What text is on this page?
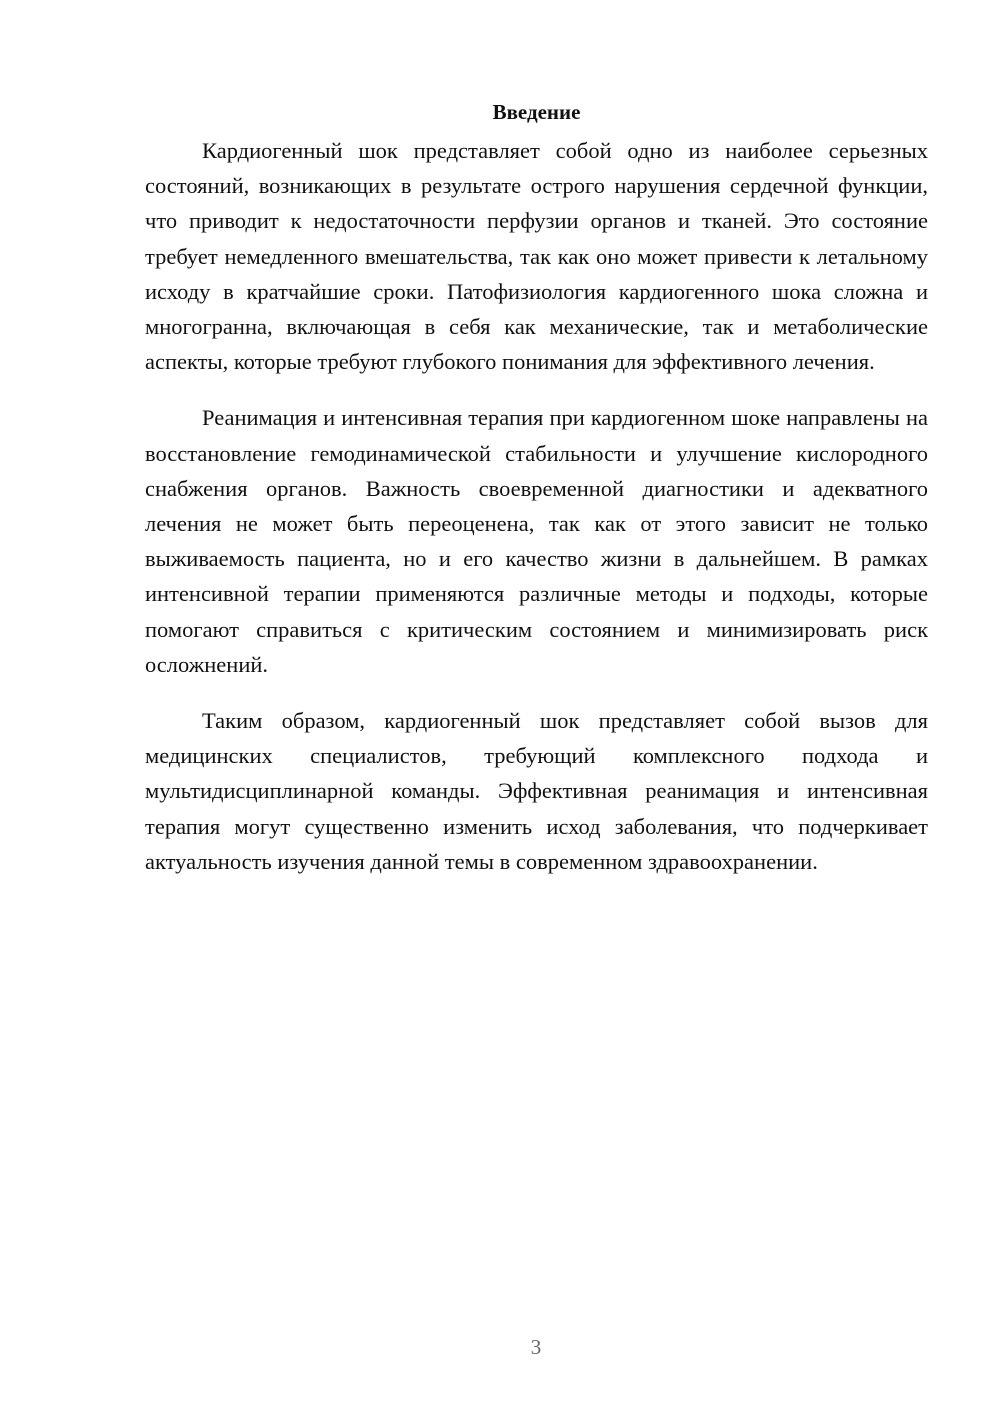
Введение

Кардиогенный шок представляет собой одно из наиболее серьезных состояний, возникающих в результате острого нарушения сердечной функции, что приводит к недостаточности перфузии органов и тканей. Это состояние требует немедленного вмешательства, так как оно может привести к летальному исходу в кратчайшие сроки. Патофизиология кардиогенного шока сложна и многогранна, включающая в себя как механические, так и метаболические аспекты, которые требуют глубокого понимания для эффективного лечения.

Реанимация и интенсивная терапия при кардиогенном шоке направлены на восстановление гемодинамической стабильности и улучшение кислородного снабжения органов. Важность своевременной диагностики и адекватного лечения не может быть переоценена, так как от этого зависит не только выживаемость пациента, но и его качество жизни в дальнейшем. В рамках интенсивной терапии применяются различные методы и подходы, которые помогают справиться с критическим состоянием и минимизировать риск осложнений.

Таким образом, кардиогенный шок представляет собой вызов для медицинских специалистов, требующий комплексного подхода и мультидисциплинарной команды. Эффективная реанимация и интенсивная терапия могут существенно изменить исход заболевания, что подчеркивает актуальность изучения данной темы в современном здравоохранении.

3
